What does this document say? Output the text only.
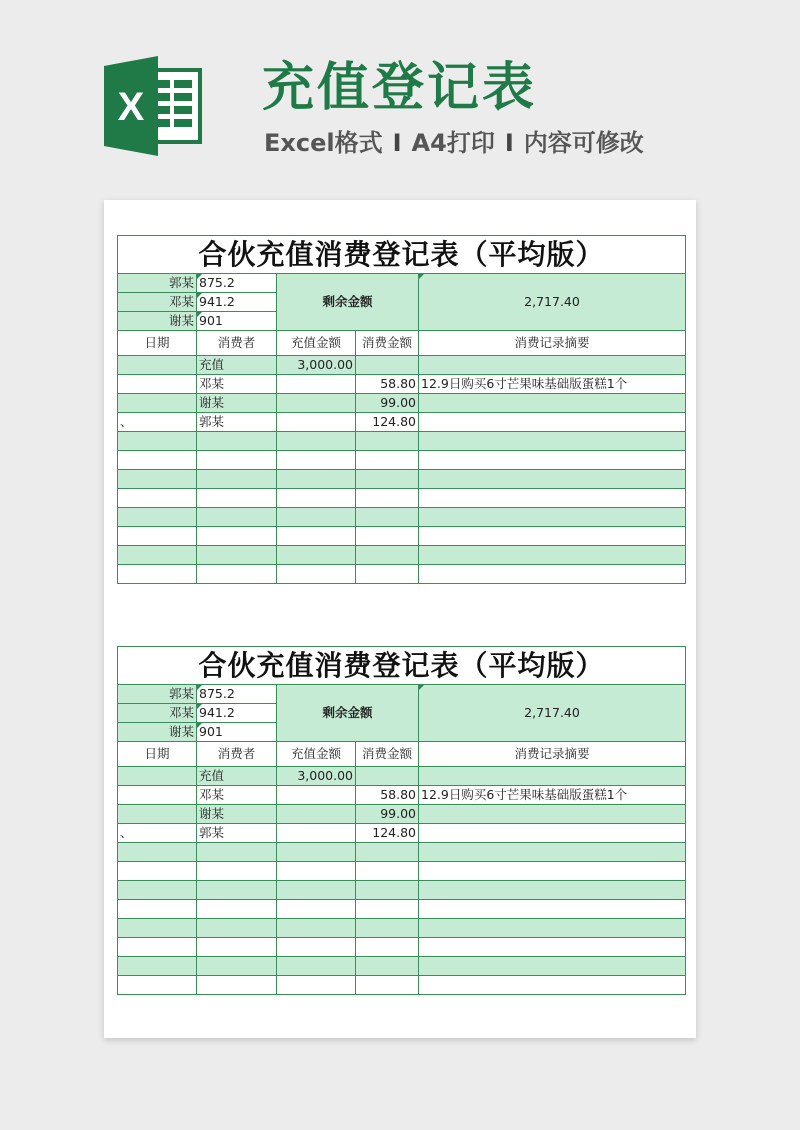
X 充值登记表
Excel格式 I A4打印 I 内容可修改
合伙充值消费登记表（平均版）				
郭某	875.2	剩余金额		2,717.40
邓某	941.2			
谢某	901			
日期	消费者	充值金额	消费金额	消费记录摘要
	充值	3,000.00		
	邓某		58.80	12.9日购买6寸芒果味基础版蛋糕1个
	谢某		99.00	
、	郭某		124.80	

合伙充值消费登记表（平均版）				
郭某	875.2	剩余金额		2,717.40
邓某	941.2			
谢某	901			
日期	消费者	充值金额	消费金额	消费记录摘要
	充值	3,000.00		
	邓某		58.80	12.9日购买6寸芒果味基础版蛋糕1个
	谢某		99.00	
、	郭某		124.80	
